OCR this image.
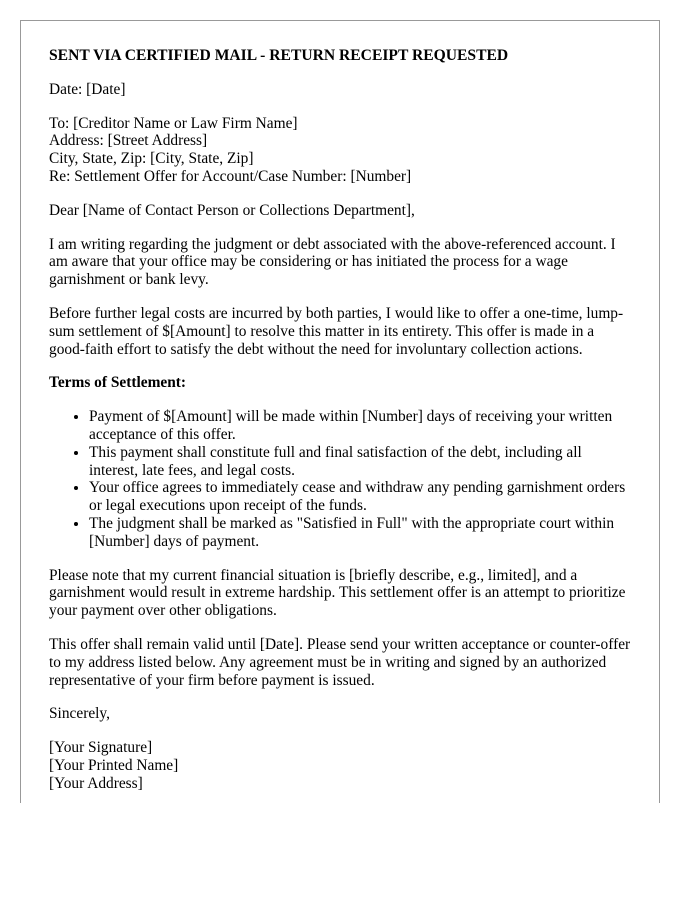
SENT VIA CERTIFIED MAIL - RETURN RECEIPT REQUESTED

Date: [Date]

To: [Creditor Name or Law Firm Name]
Address: [Street Address]
City, State, Zip: [City, State, Zip]
Re: Settlement Offer for Account/Case Number: [Number]

Dear [Name of Contact Person or Collections Department],

I am writing regarding the judgment or debt associated with the above-referenced account. I am aware that your office may be considering or has initiated the process for a wage garnishment or bank levy.

Before further legal costs are incurred by both parties, I would like to offer a one-time, lump-sum settlement of $[Amount] to resolve this matter in its entirety. This offer is made in a good-faith effort to satisfy the debt without the need for involuntary collection actions.

Terms of Settlement:

• Payment of $[Amount] will be made within [Number] days of receiving your written acceptance of this offer.
• This payment shall constitute full and final satisfaction of the debt, including all interest, late fees, and legal costs.
• Your office agrees to immediately cease and withdraw any pending garnishment orders or legal executions upon receipt of the funds.
• The judgment shall be marked as "Satisfied in Full" with the appropriate court within [Number] days of payment.

Please note that my current financial situation is [briefly describe, e.g., limited], and a garnishment would result in extreme hardship. This settlement offer is an attempt to prioritize your payment over other obligations.

This offer shall remain valid until [Date]. Please send your written acceptance or counter-offer to my address listed below. Any agreement must be in writing and signed by an authorized representative of your firm before payment is issued.

Sincerely,

[Your Signature]
[Your Printed Name]
[Your Address]
